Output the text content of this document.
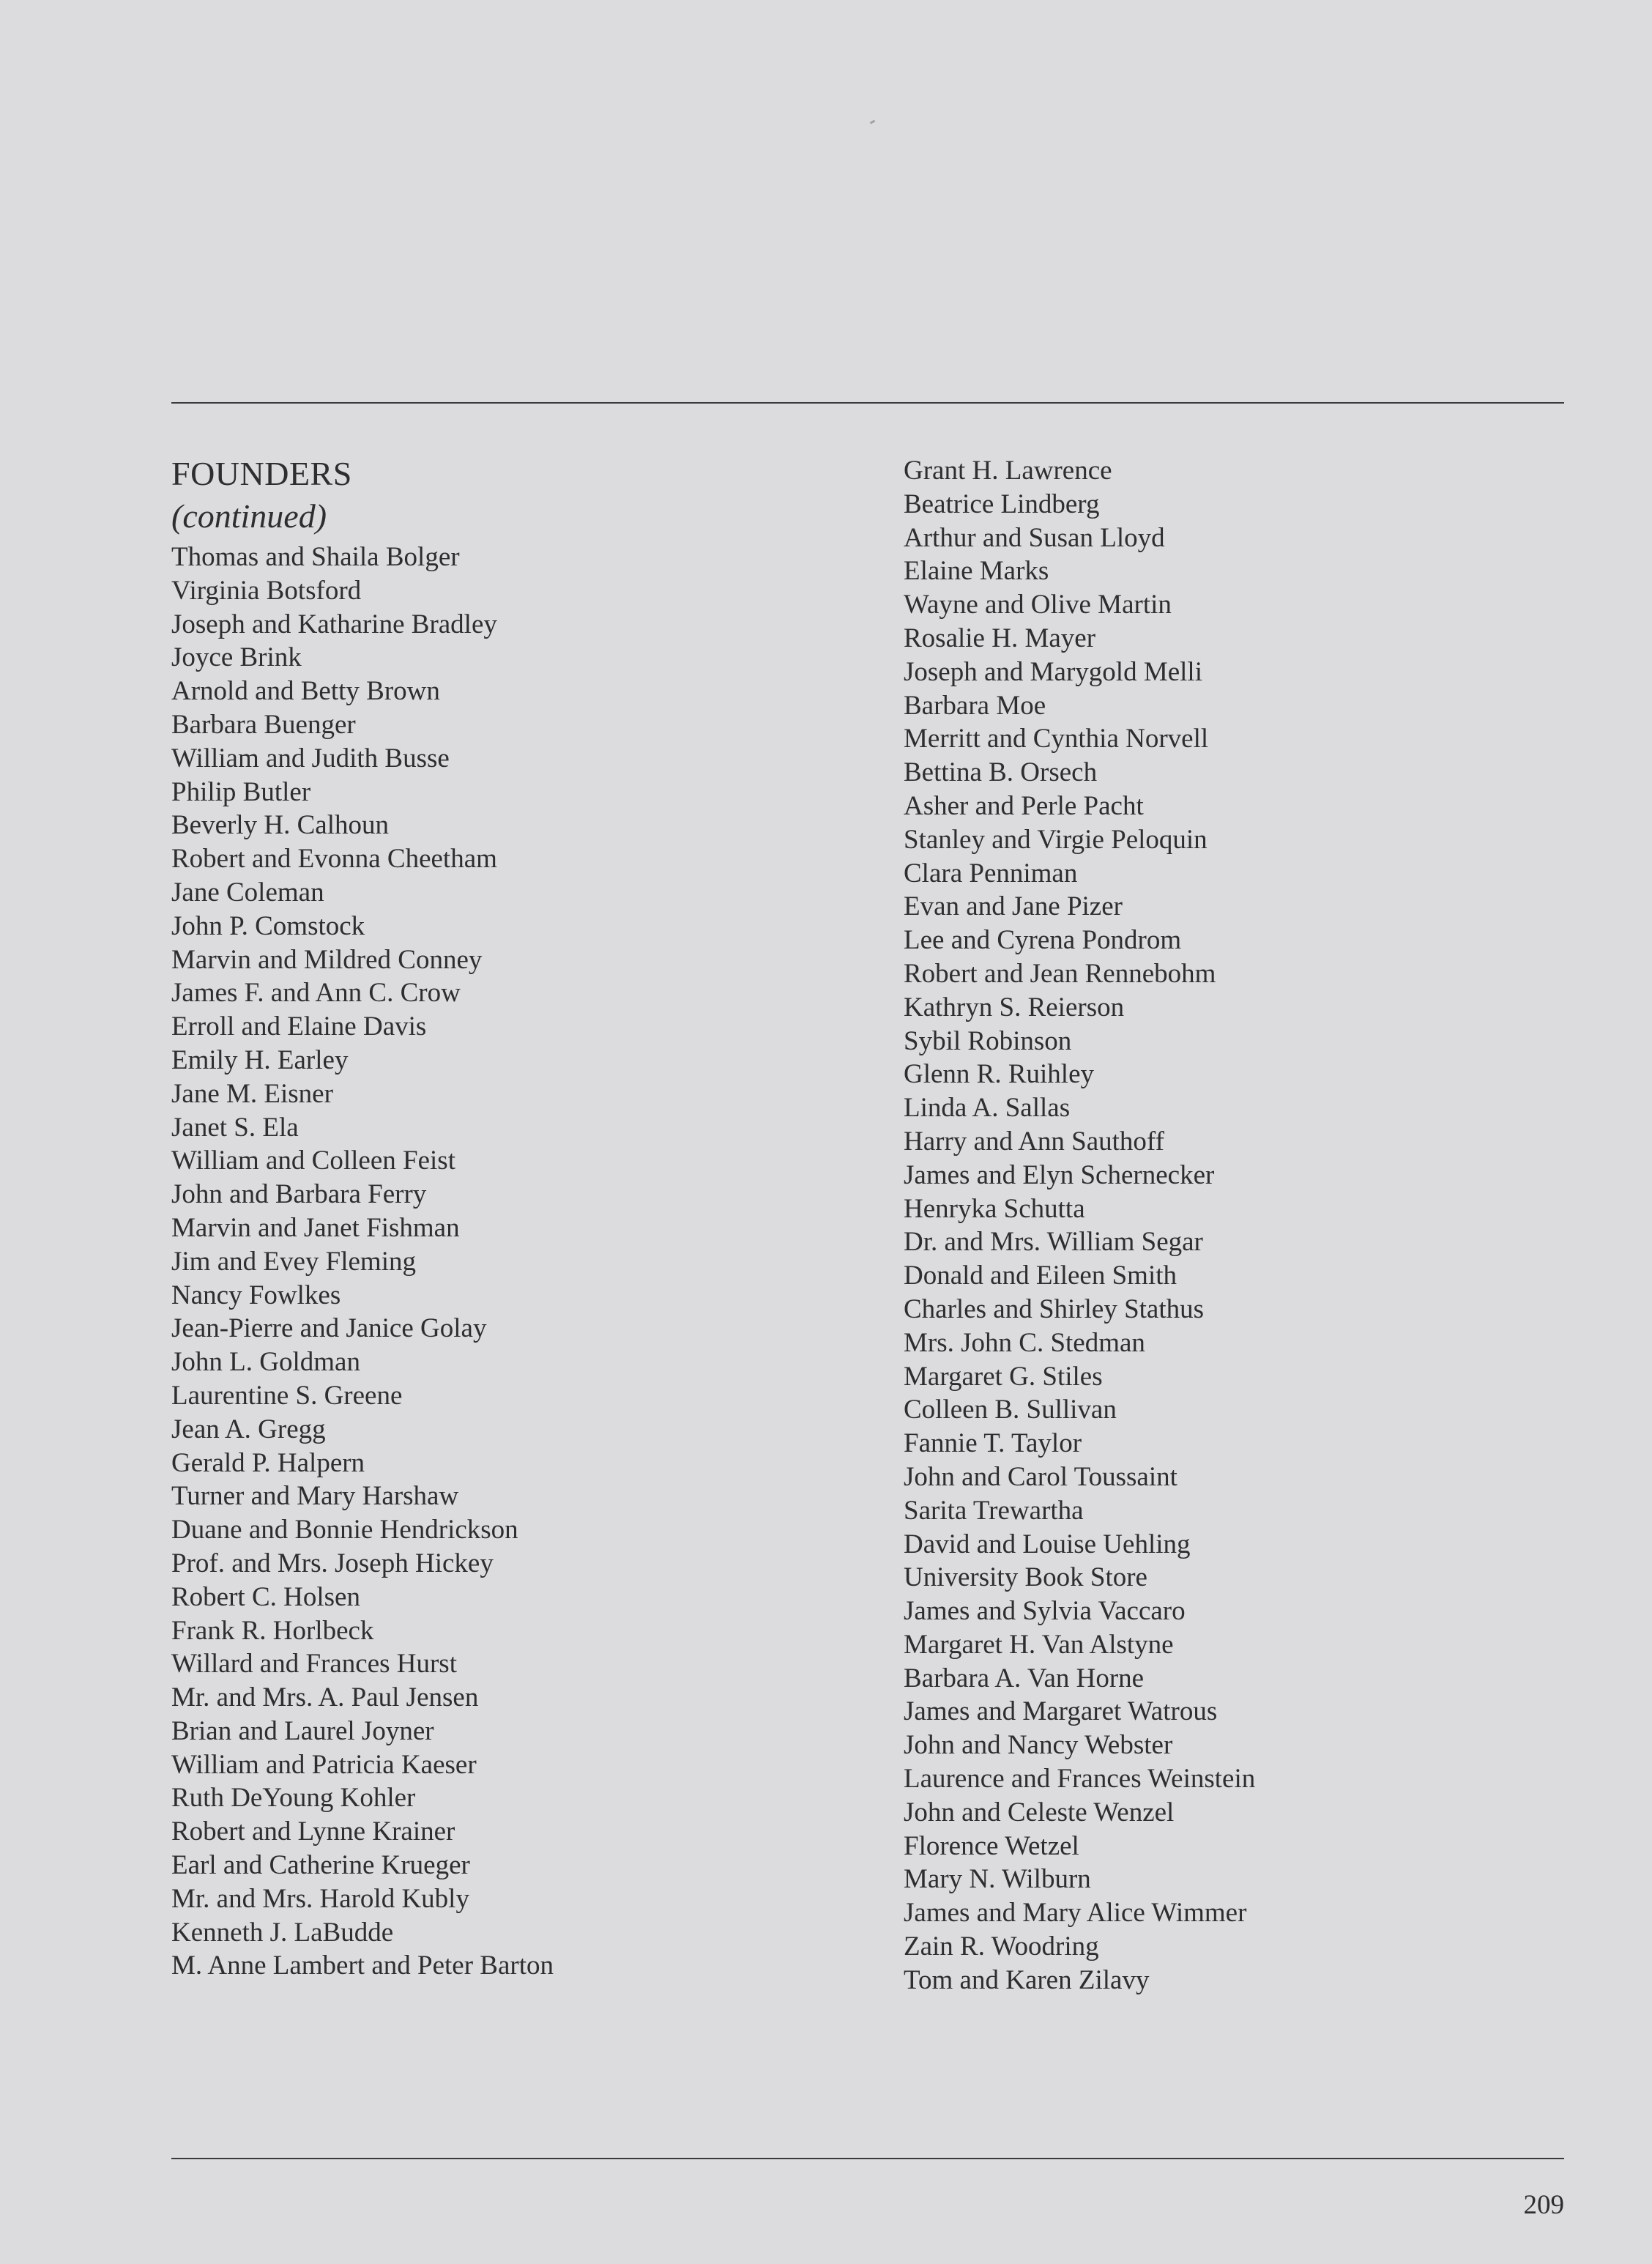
FOUNDERS
(continued)
Thomas and Shaila Bolger
Virginia Botsford
Joseph and Katharine Bradley
Joyce Brink
Arnold and Betty Brown
Barbara Buenger
William and Judith Busse
Philip Butler
Beverly H. Calhoun
Robert and Evonna Cheetham
Jane Coleman
John P. Comstock
Marvin and Mildred Conney
James F. and Ann C. Crow
Erroll and Elaine Davis
Emily H. Earley
Jane M. Eisner
Janet S. Ela
William and Colleen Feist
John and Barbara Ferry
Marvin and Janet Fishman
Jim and Evey Fleming
Nancy Fowlkes
Jean-Pierre and Janice Golay
John L. Goldman
Laurentine S. Greene
Jean A. Gregg
Gerald P. Halpern
Turner and Mary Harshaw
Duane and Bonnie Hendrickson
Prof. and Mrs. Joseph Hickey
Robert C. Holsen
Frank R. Horlbeck
Willard and Frances Hurst
Mr. and Mrs. A. Paul Jensen
Brian and Laurel Joyner
William and Patricia Kaeser
Ruth DeYoung Kohler
Robert and Lynne Krainer
Earl and Catherine Krueger
Mr. and Mrs. Harold Kubly
Kenneth J. LaBudde
M. Anne Lambert and Peter Barton
Grant H. Lawrence
Beatrice Lindberg
Arthur and Susan Lloyd
Elaine Marks
Wayne and Olive Martin
Rosalie H. Mayer
Joseph and Marygold Melli
Barbara Moe
Merritt and Cynthia Norvell
Bettina B. Orsech
Asher and Perle Pacht
Stanley and Virgie Peloquin
Clara Penniman
Evan and Jane Pizer
Lee and Cyrena Pondrom
Robert and Jean Rennebohm
Kathryn S. Reierson
Sybil Robinson
Glenn R. Ruihley
Linda A. Sallas
Harry and Ann Sauthoff
James and Elyn Schernecker
Henryka Schutta
Dr. and Mrs. William Segar
Donald and Eileen Smith
Charles and Shirley Stathus
Mrs. John C. Stedman
Margaret G. Stiles
Colleen B. Sullivan
Fannie T. Taylor
John and Carol Toussaint
Sarita Trewartha
David and Louise Uehling
University Book Store
James and Sylvia Vaccaro
Margaret H. Van Alstyne
Barbara A. Van Horne
James and Margaret Watrous
John and Nancy Webster
Laurence and Frances Weinstein
John and Celeste Wenzel
Florence Wetzel
Mary N. Wilburn
James and Mary Alice Wimmer
Zain R. Woodring
Tom and Karen Zilavy
209
